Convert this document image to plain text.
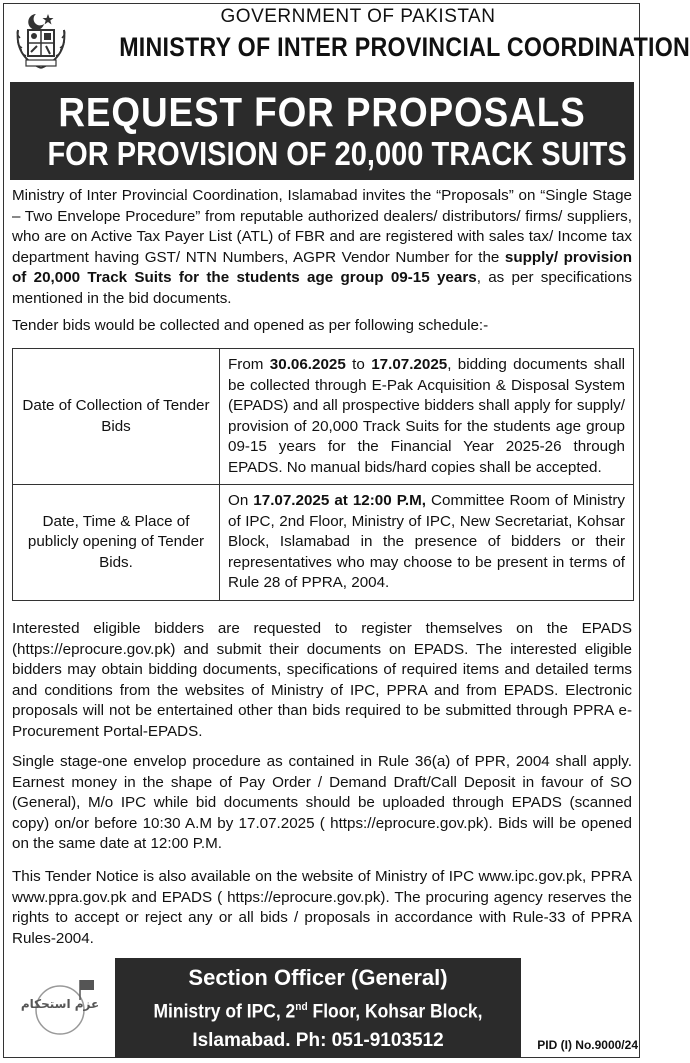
GOVERNMENT OF PAKISTAN
MINISTRY OF INTER PROVINCIAL COORDINATION
REQUEST FOR PROPOSALS
FOR PROVISION OF 20,000 TRACK SUITS
Ministry of Inter Provincial Coordination, Islamabad invites the “Proposals” on “Single Stage – Two Envelope Procedure” from reputable authorized dealers/ distributors/ firms/ suppliers, who are on Active Tax Payer List (ATL) of FBR and are registered with sales tax/ Income tax department having GST/ NTN Numbers, AGPR Vendor Number for the supply/ provision of 20,000 Track Suits for the students age group 09-15 years, as per specifications mentioned in the bid documents.
Tender bids would be collected and opened as per following schedule:-
Date of Collection of Tender Bids	From 30.06.2025 to 17.07.2025, bidding documents shall be collected through E-Pak Acquisition & Disposal System (EPADS) and all prospective bidders shall apply for supply/ provision of 20,000 Track Suits for the students age group 09-15 years for the Financial Year 2025-26 through EPADS. No manual bids/hard copies shall be accepted.
Date, Time & Place of publicly opening of Tender Bids.	On 17.07.2025 at 12:00 P.M, Committee Room of Ministry of IPC, 2nd Floor, Ministry of IPC, New Secretariat, Kohsar Block, Islamabad in the presence of bidders or their representatives who may choose to be present in terms of Rule 28 of PPRA, 2004.
Interested eligible bidders are requested to register themselves on the EPADS (https://eprocure.gov.pk) and submit their documents on EPADS. The interested eligible bidders may obtain bidding documents, specifications of required items and detailed terms and conditions from the websites of Ministry of IPC, PPRA and from EPADS. Electronic proposals will not be entertained other than bids required to be submitted through PPRA e-Procurement Portal-EPADS.
Single stage-one envelop procedure as contained in Rule 36(a) of PPR, 2004 shall apply. Earnest money in the shape of Pay Order / Demand Draft/Call Deposit in favour of SO (General), M/o IPC while bid documents should be uploaded through EPADS (scanned copy) on/or before 10:30 A.M by 17.07.2025 ( https://eprocure.gov.pk). Bids will be opened on the same date at 12:00 P.M.
This Tender Notice is also available on the website of Ministry of IPC www.ipc.gov.pk, PPRA www.ppra.gov.pk and EPADS ( https://eprocure.gov.pk). The procuring agency reserves the rights to accept or reject any or all bids / proposals in accordance with Rule-33 of PPRA Rules-2004.
عزم استحکام
Section Officer (General)
Ministry of IPC, 2nd Floor, Kohsar Block,
Islamabad. Ph: 051-9103512	PID (I) No.9000/24
